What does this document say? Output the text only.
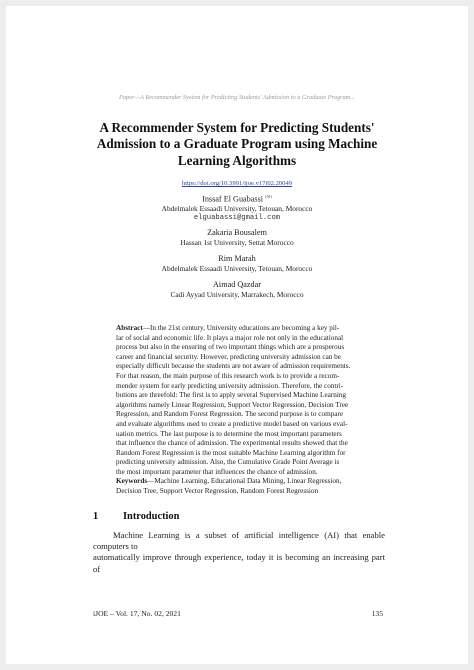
Paper—A Recommender System for Predicting Students' Admission to a Graduate Program...
A Recommender System for Predicting Students'
Admission to a Graduate Program using Machine
Learning Algorithms
https://doi.org/10.3991/ijoe.v17i02.20049
Inssaf El Guabassi (✉)
Abdelmalek Essaadi University, Tetouan, Morocco
elguabassi@gmail.com
Zakaria Bousalem
Hassan 1st University, Settat Morocco
Rim Marah
Abdelmalek Essaadi University, Tetouan, Morocco
Aimad Qazdar
Cadi Ayyad University, Marrakech, Morocco
Abstract—In the 21st century, University educations are becoming a key pil-
lar of social and economic life. It plays a major role not only in the educational
process but also in the ensuring of two important things which are a prosperous
career and financial security. However, predicting university admission can be
especially difficult because the students are not aware of admission requirements.
For that reason, the main purpose of this research work is to provide a recom-
mender system for early predicting university admission. Therefore, the contri-
butions are threefold: The first is to apply several Supervised Machine Learning
algorithms namely Linear Regression, Support Vector Regression, Decision Tree
Regression, and Random Forest Regression. The second purpose is to compare
and evaluate algorithms used to create a predictive model based on various eval-
uation metrics. The last purpose is to determine the most important parameters
that influence the chance of admission. The experimental results showed that the
Random Forest Regression is the most suitable Machine Learning algorithm for
predicting university admission. Also, the Cumulative Grade Point Average is
the most important parameter that influences the chance of admission.
Keywords—Machine Learning, Educational Data Mining, Linear Regression,
Decision Tree, Support Vector Regression, Random Forest Regression
1 Introduction
Machine Learning is a subset of artificial intelligence (AI) that enable computers to
automatically improve through experience, today it is becoming an increasing part of
iJOE – Vol. 17, No. 02, 2021	135
